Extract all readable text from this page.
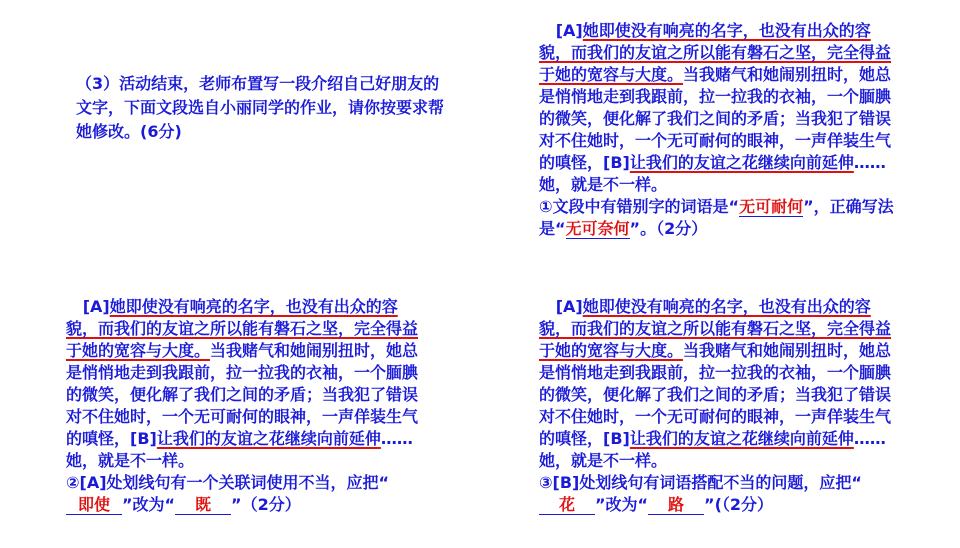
（3）活动结束，老师布置写一段介绍自己好朋友的文字，下面文段选自小丽同学的作业，请你按要求帮她修改。(6分)

[A]她即使没有响亮的名字，也没有出众的容貌，而我们的友谊之所以能有磐石之坚，完全得益于她的宽容与大度。当我赌气和她闹别扭时，她总是悄悄地走到我跟前，拉一拉我的衣袖，一个腼腆的微笑，便化解了我们之间的矛盾；当我犯了错误对不住她时，一个无可耐何的眼神，一声佯装生气的嗔怪，[B]让我们的友谊之花继续向前延伸……她，就是不一样。

①文段中有错别字的词语是“无可耐何”，正确写法是“无可奈何”。（2分）

[A]她即使没有响亮的名字，也没有出众的容貌，而我们的友谊之所以能有磐石之坚，完全得益于她的宽容与大度。当我赌气和她闹别扭时，她总是悄悄地走到我跟前，拉一拉我的衣袖，一个腼腆的微笑，便化解了我们之间的矛盾；当我犯了错误对不住她时，一个无可耐何的眼神，一声佯装生气的嗔怪，[B]让我们的友谊之花继续向前延伸……她，就是不一样。

②[A]处划线句有一个关联词使用不当，应把“即使 ”改为“ 既 ”（2分）

[A]她即使没有响亮的名字，也没有出众的容貌，而我们的友谊之所以能有磐石之坚，完全得益于她的宽容与大度。当我赌气和她闹别扭时，她总是悄悄地走到我跟前，拉一拉我的衣袖，一个腼腆的微笑，便化解了我们之间的矛盾；当我犯了错误对不住她时，一个无可耐何的眼神，一声佯装生气的嗔怪，[B]让我们的友谊之花继续向前延伸……她，就是不一样。

③[B]处划线句有词语搭配不当的问题，应把“花 ”改为“ 路 ”(（2分）
